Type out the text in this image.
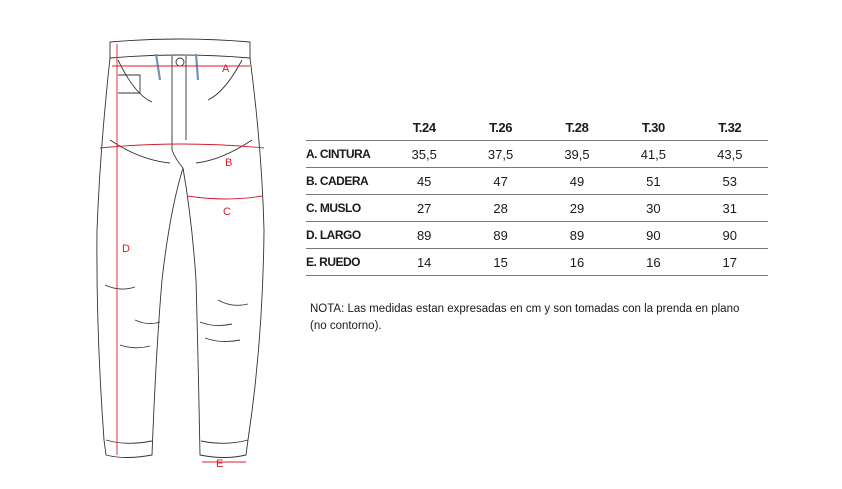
A
B
C
D
E
	T.24	T.26	T.28	T.30	T.32
A. CINTURA	35,5	37,5	39,5	41,5	43,5
B. CADERA	45	47	49	51	53
C. MUSLO	27	28	29	30	31
D. LARGO	89	89	89	90	90
E. RUEDO	14	15	16	16	17

NOTA: Las medidas estan expresadas en cm y son tomadas con la prenda en plano
(no contorno).
